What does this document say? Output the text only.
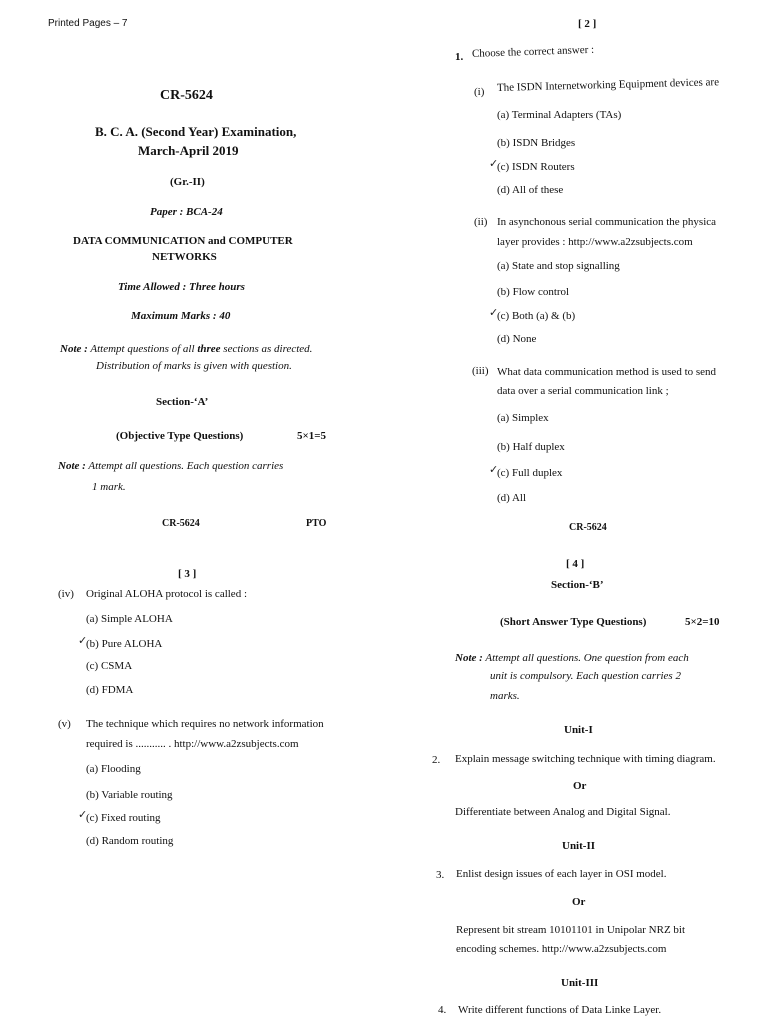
Printed Pages – 7
CR-5624
B. C. A. (Second Year) Examination,
March-April 2019
(Gr.-II)
Paper : BCA-24
DATA COMMUNICATION and COMPUTER
NETWORKS
Time Allowed : Three hours
Maximum Marks : 40
Note : Attempt questions of all three sections as directed.
Distribution of marks is given with question.
Section-‘A’
(Objective Type Questions)	5×1=5
Note : Attempt all questions. Each question carries
1 mark.
CR-5624	PTO
[ 2 ]
1. Choose the correct answer :
(i) The ISDN Internetworking Equipment devices are
(a) Terminal Adapters (TAs)
(b) ISDN Bridges
(c) ISDN Routers
✓
(d) All of these
(ii) In asynchonous serial communication the physica
layer provides : http://www.a2zsubjects.com
(a) State and stop signalling
(b) Flow control
(c) Both (a) & (b)
✓
(d) None
(iii) What data communication method is used to send
data over a serial communication link ;
(a) Simplex
(b) Half duplex
(c) Full duplex
✓
(d) All
CR-5624
[ 3 ]
(iv) Original ALOHA protocol is called :
(a) Simple ALOHA
(b) Pure ALOHA
✓
(c) CSMA
(d) FDMA
(v) The technique which requires no network information
required is ........... . http://www.a2zsubjects.com
(a) Flooding
(b) Variable routing
(c) Fixed routing
✓
(d) Random routing
[ 4 ]
Section-‘B’
(Short Answer Type Questions)	5×2=10
Note : Attempt all questions. One question from each
unit is compulsory. Each question carries 2
marks.
Unit-I
2. Explain message switching technique with timing diagram.
Or
Differentiate between Analog and Digital Signal.
Unit-II
3. Enlist design issues of each layer in OSI model.
Or
Represent bit stream 10101101 in Unipolar NRZ bit
encoding schemes. http://www.a2zsubjects.com
Unit-III
4. Write different functions of Data Linke Layer.
